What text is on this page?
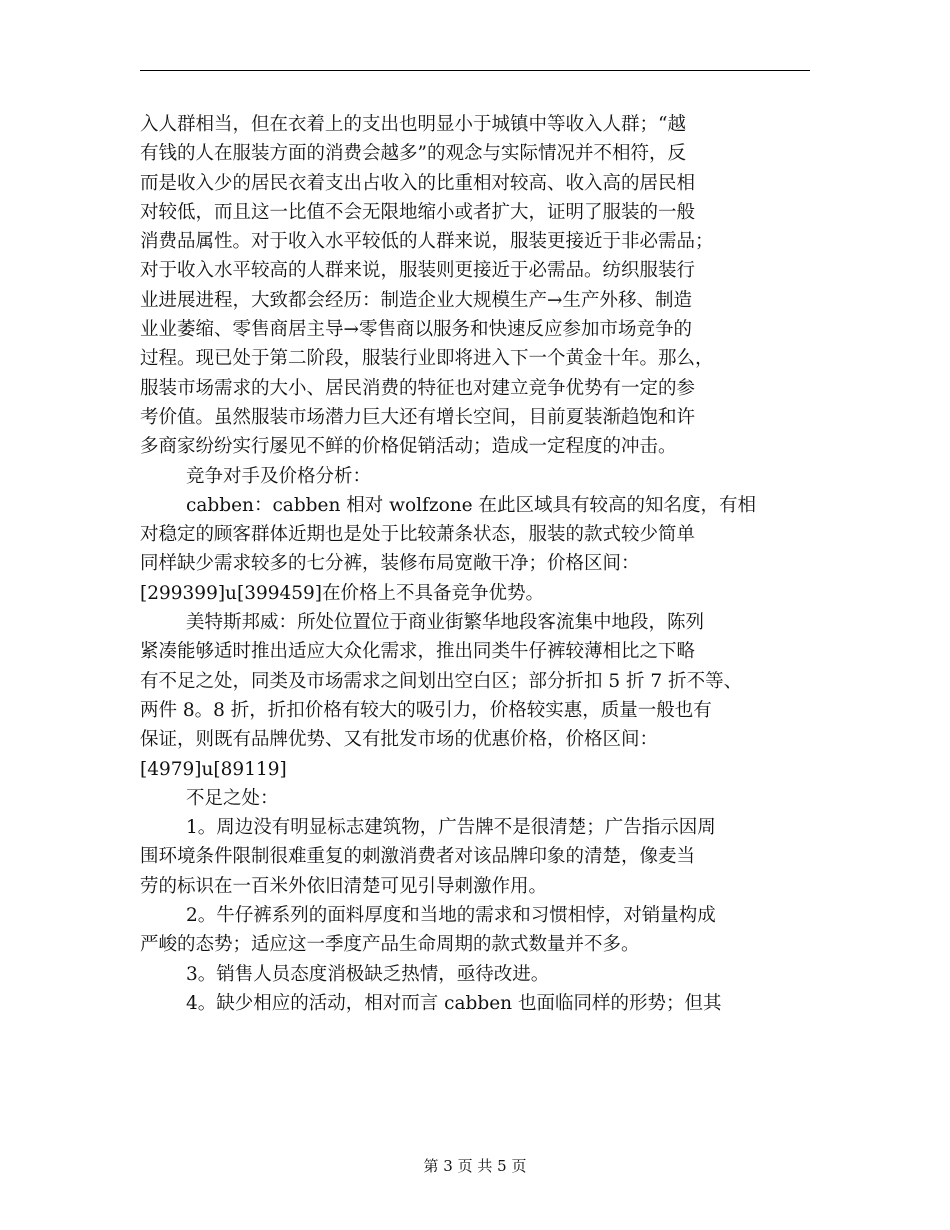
入人群相当，但在衣着上的支出也明显小于城镇中等收入人群；“越
有钱的人在服装方面的消费会越多”的观念与实际情况并不相符，反
而是收入少的居民衣着支出占收入的比重相对较高、收入高的居民相
对较低，而且这一比值不会无限地缩小或者扩大，证明了服装的一般
消费品属性。对于收入水平较低的人群来说，服装更接近于非必需品；
对于收入水平较高的人群来说，服装则更接近于必需品。纺织服装行
业进展进程，大致都会经历：制造企业大规模生产→生产外移、制造
业业萎缩、零售商居主导→零售商以服务和快速反应参加市场竞争的
过程。现已处于第二阶段，服装行业即将进入下一个黄金十年。那么，
服装市场需求的大小、居民消费的特征也对建立竞争优势有一定的参
考价值。虽然服装市场潜力巨大还有增长空间，目前夏装渐趋饱和许
多商家纷纷实行屡见不鲜的价格促销活动；造成一定程度的冲击。
竞争对手及价格分析：
cabben：cabben 相对 wolfzone 在此区域具有较高的知名度，有相
对稳定的顾客群体近期也是处于比较萧条状态，服装的款式较少简单
同样缺少需求较多的七分裤，装修布局宽敞干净；价格区间：
[299399]u[399459]在价格上不具备竞争优势。
美特斯邦威：所处位置位于商业街繁华地段客流集中地段，陈列
紧凑能够适时推出适应大众化需求，推出同类牛仔裤较薄相比之下略
有不足之处，同类及市场需求之间划出空白区；部分折扣 5 折 7 折不等、
两件 8。8 折，折扣价格有较大的吸引力，价格较实惠，质量一般也有
保证，则既有品牌优势、又有批发市场的优惠价格，价格区间：
[4979]u[89119]
不足之处：
1。周边没有明显标志建筑物，广告牌不是很清楚；广告指示因周
围环境条件限制很难重复的刺激消费者对该品牌印象的清楚，像麦当
劳的标识在一百米外依旧清楚可见引导刺激作用。
2。牛仔裤系列的面料厚度和当地的需求和习惯相悖，对销量构成
严峻的态势；适应这一季度产品生命周期的款式数量并不多。
3。销售人员态度消极缺乏热情，亟待改进。
4。缺少相应的活动，相对而言 cabben 也面临同样的形势；但其
第 3 页 共 5 页
